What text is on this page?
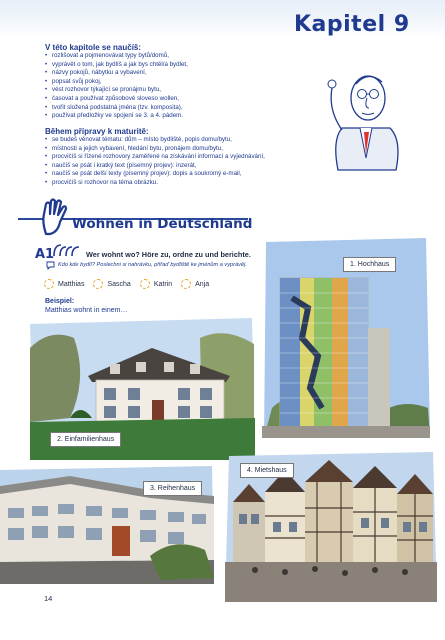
Kapitel 9
V této kapitole se naučíš:
• rozlišovat a pojmenovávat typy bytů/domů,
• vyprávět o tom, jak bydlíš a jak bys chtěl/a bydlet,
• názvy pokojů, nábytku a vybavení,
• popsat svůj pokoj,
• vést rozhovor týkající se pronájmu bytu,
• časovat a používat způsobové sloveso wollen,
• tvořit složená podstatná jména (tzv. komposita),
• používat předložky ve spojení se 3. a 4. pádem.
Během přípravy k maturitě:
• se budeš věnovat tématu: dům – místo bydlišté, popis domu/bytu,
• místnosti a jejich vybavení, hledání bytu, pronájem domu/bytu,
• procvičíš si řízené rozhovory zaměřené na získávání informací a vyjednávání,
• naučíš se psát i kratký text (písemný projev): inzerát,
• naučíš se psát delší texty (písemný projev): dopis a soukromý e-mail,
• procvičíš si rozhovor na téma obrázku.
Wohnen in Deutschland
A1	Wer wohnt wo? Höre zu, ordne zu und berichte.
Kdo kde bydlí? Poslechni si nahrávku, přiřaď bydliště ke jménům a vyprávěj.
Matthias	Sascha	Katrin	Anja
Beispiel:
Matthias wohnt in einem…
1. Hochhaus
2. Einfamilienhaus
3. Reihenhaus
4. Mietshaus
14
